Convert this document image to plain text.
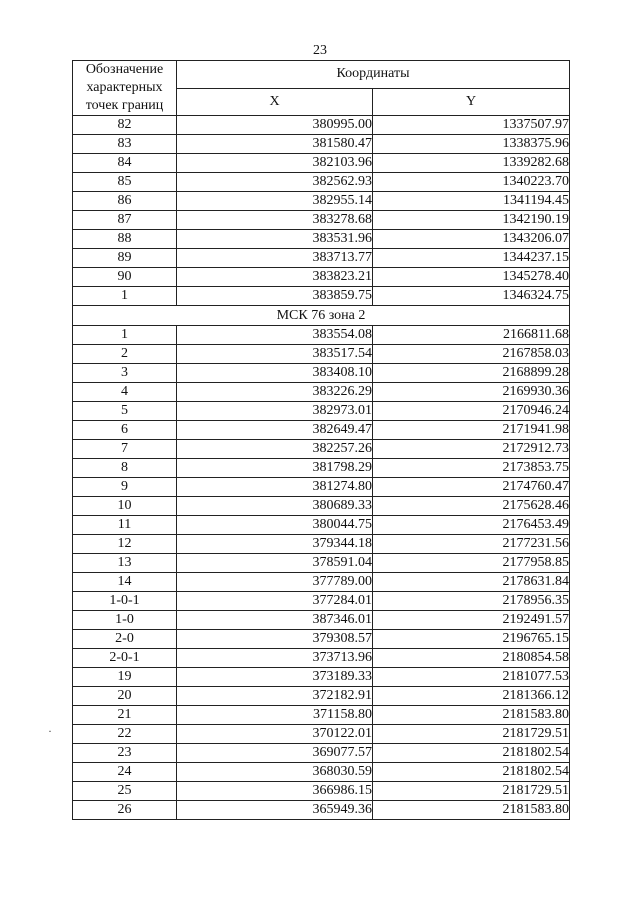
23
Обозначение характерных точек границ	Координаты	
	X	Y
82	380995.00	1337507.97
83	381580.47	1338375.96
84	382103.96	1339282.68
85	382562.93	1340223.70
86	382955.14	1341194.45
87	383278.68	1342190.19
88	383531.96	1343206.07
89	383713.77	1344237.15
90	383823.21	1345278.40
1	383859.75	1346324.75
МСК 76 зона 2		
1	383554.08	2166811.68
2	383517.54	2167858.03
3	383408.10	2168899.28
4	383226.29	2169930.36
5	382973.01	2170946.24
6	382649.47	2171941.98
7	382257.26	2172912.73
8	381798.29	2173853.75
9	381274.80	2174760.47
10	380689.33	2175628.46
11	380044.75	2176453.49
12	379344.18	2177231.56
13	378591.04	2177958.85
14	377789.00	2178631.84
1-0-1	377284.01	2178956.35
1-0	387346.01	2192491.57
2-0	379308.57	2196765.15
2-0-1	373713.96	2180854.58
19	373189.33	2181077.53
20	372182.91	2181366.12
21	371158.80	2181583.80
22	370122.01	2181729.51
23	369077.57	2181802.54
24	368030.59	2181802.54
25	366986.15	2181729.51
26	365949.36	2181583.80
·
